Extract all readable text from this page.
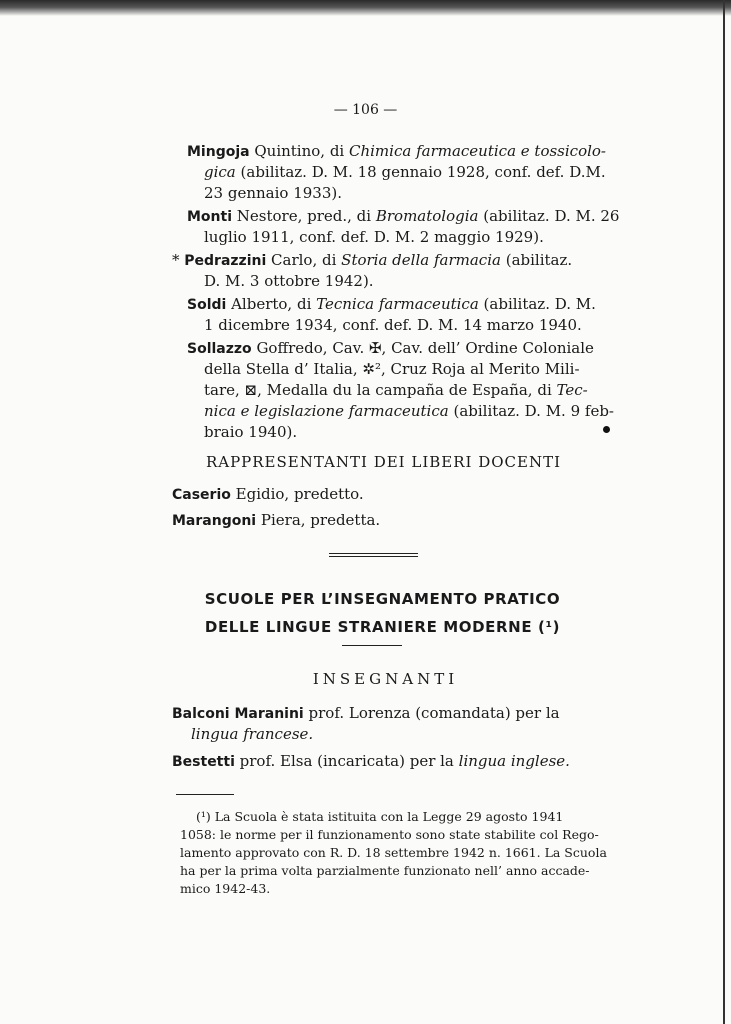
— 106 —

Mingoja Quintino, di Chimica farmaceutica e tossicolo-

gica (abilitaz. D. M. 18 gennaio 1928, conf. def. D.M.

23 gennaio 1933).

Monti Nestore, pred., di Bromatologia (abilitaz. D. M. 26

luglio 1911, conf. def. D. M. 2 maggio 1929).

* Pedrazzini Carlo, di Storia della farmacia (abilitaz.

D. M. 3 ottobre 1942).

Soldi Alberto, di Tecnica farmaceutica (abilitaz. D. M.

1 dicembre 1934, conf. def. D. M. 14 marzo 1940.

Sollazzo Goffredo, Cav. ✠, Cav. dell’ Ordine Coloniale

della Stella d’ Italia, ✲², Cruz Roja al Merito Mili-

tare, ⊠, Medalla du la campaña de España, di Tec-

nica e legislazione farmaceutica (abilitaz. D. M. 9 feb-

braio 1940).

RAPPRESENTANTI DEI LIBERI DOCENTI

Caserio Egidio, predetto.

Marangoni Piera, predetta.

SCUOLE PER L’INSEGNAMENTO PRATICO

DELLE LINGUE STRANIERE MODERNE (¹)

INSEGNANTI

Balconi Maranini prof. Lorenza (comandata) per la

lingua francese.

Bestetti prof. Elsa (incaricata) per la lingua inglese.

(¹) La Scuola è stata istituita con la Legge 29 agosto 1941

1058: le norme per il funzionamento sono state stabilite col Rego-

lamento approvato con R. D. 18 settembre 1942 n. 1661. La Scuola

ha per la prima volta parzialmente funzionato nell’ anno accade-

mico 1942-43.
